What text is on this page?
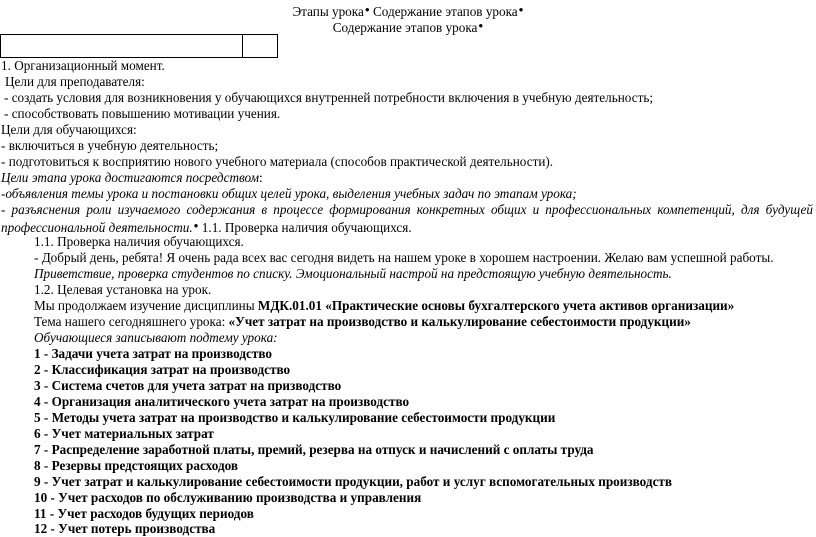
Этапы урока ● Содержание этапов урока ●
Содержание этапов урока ●
1. Организационный момент.
Цели для преподавателя:
- создать условия для возникновения у обучающихся внутренней потребности включения в учебную деятельность;
- способствовать повышению мотивации учения.
Цели для обучающихся:
- включиться в учебную деятельность;
- подготовиться к восприятию нового учебного материала (способов практической деятельности).
Цели этапа урока достигаются посредством:
-объявления темы урока и постановки общих целей урока, выделения учебных задач по этапам урока;
- разъяснения роли изучаемого содержания в процессе формирования конкретных общих и профессиональных компетенций, для будущей
профессиональной деятельности. ● 1.1. Проверка наличия обучающихся.
1.1. Проверка наличия обучающихся.
- Добрый день, ребята! Я очень рада всех вас сегодня видеть на нашем уроке в хорошем настроении. Желаю вам успешной работы.
Приветствие, проверка студентов по списку. Эмоциональный настрой на предстоящую учебную деятельность.
1.2. Целевая установка на урок.
Мы продолжаем изучение дисциплины МДК.01.01 «Практические основы бухгалтерского учета активов организации»
Тема нашего сегодняшнего урока: «Учет затрат на производство и калькулирование себестоимости продукции»
Обучающиеся записывают подтему урока:
1 - Задачи учета затрат на производство
2 - Классификация затрат на производство
3 - Система счетов для учета затрат на призводство
4 - Организация аналитического учета затрат на производство
5 - Методы учета затрат на производство и калькулирование себестоимости продукции
6 - Учет материальных затрат
7 - Распределение заработной платы, премий, резерва на отпуск и начислений с оплаты труда
8 - Резервы предстоящих расходов
9 - Учет затрат и калькулирование себестоимости продукции, работ и услуг вспомогательных производств
10 - Учет расходов по обслуживанию производства и управления
11 - Учет расходов будущих периодов
12 - Учет потерь производства
